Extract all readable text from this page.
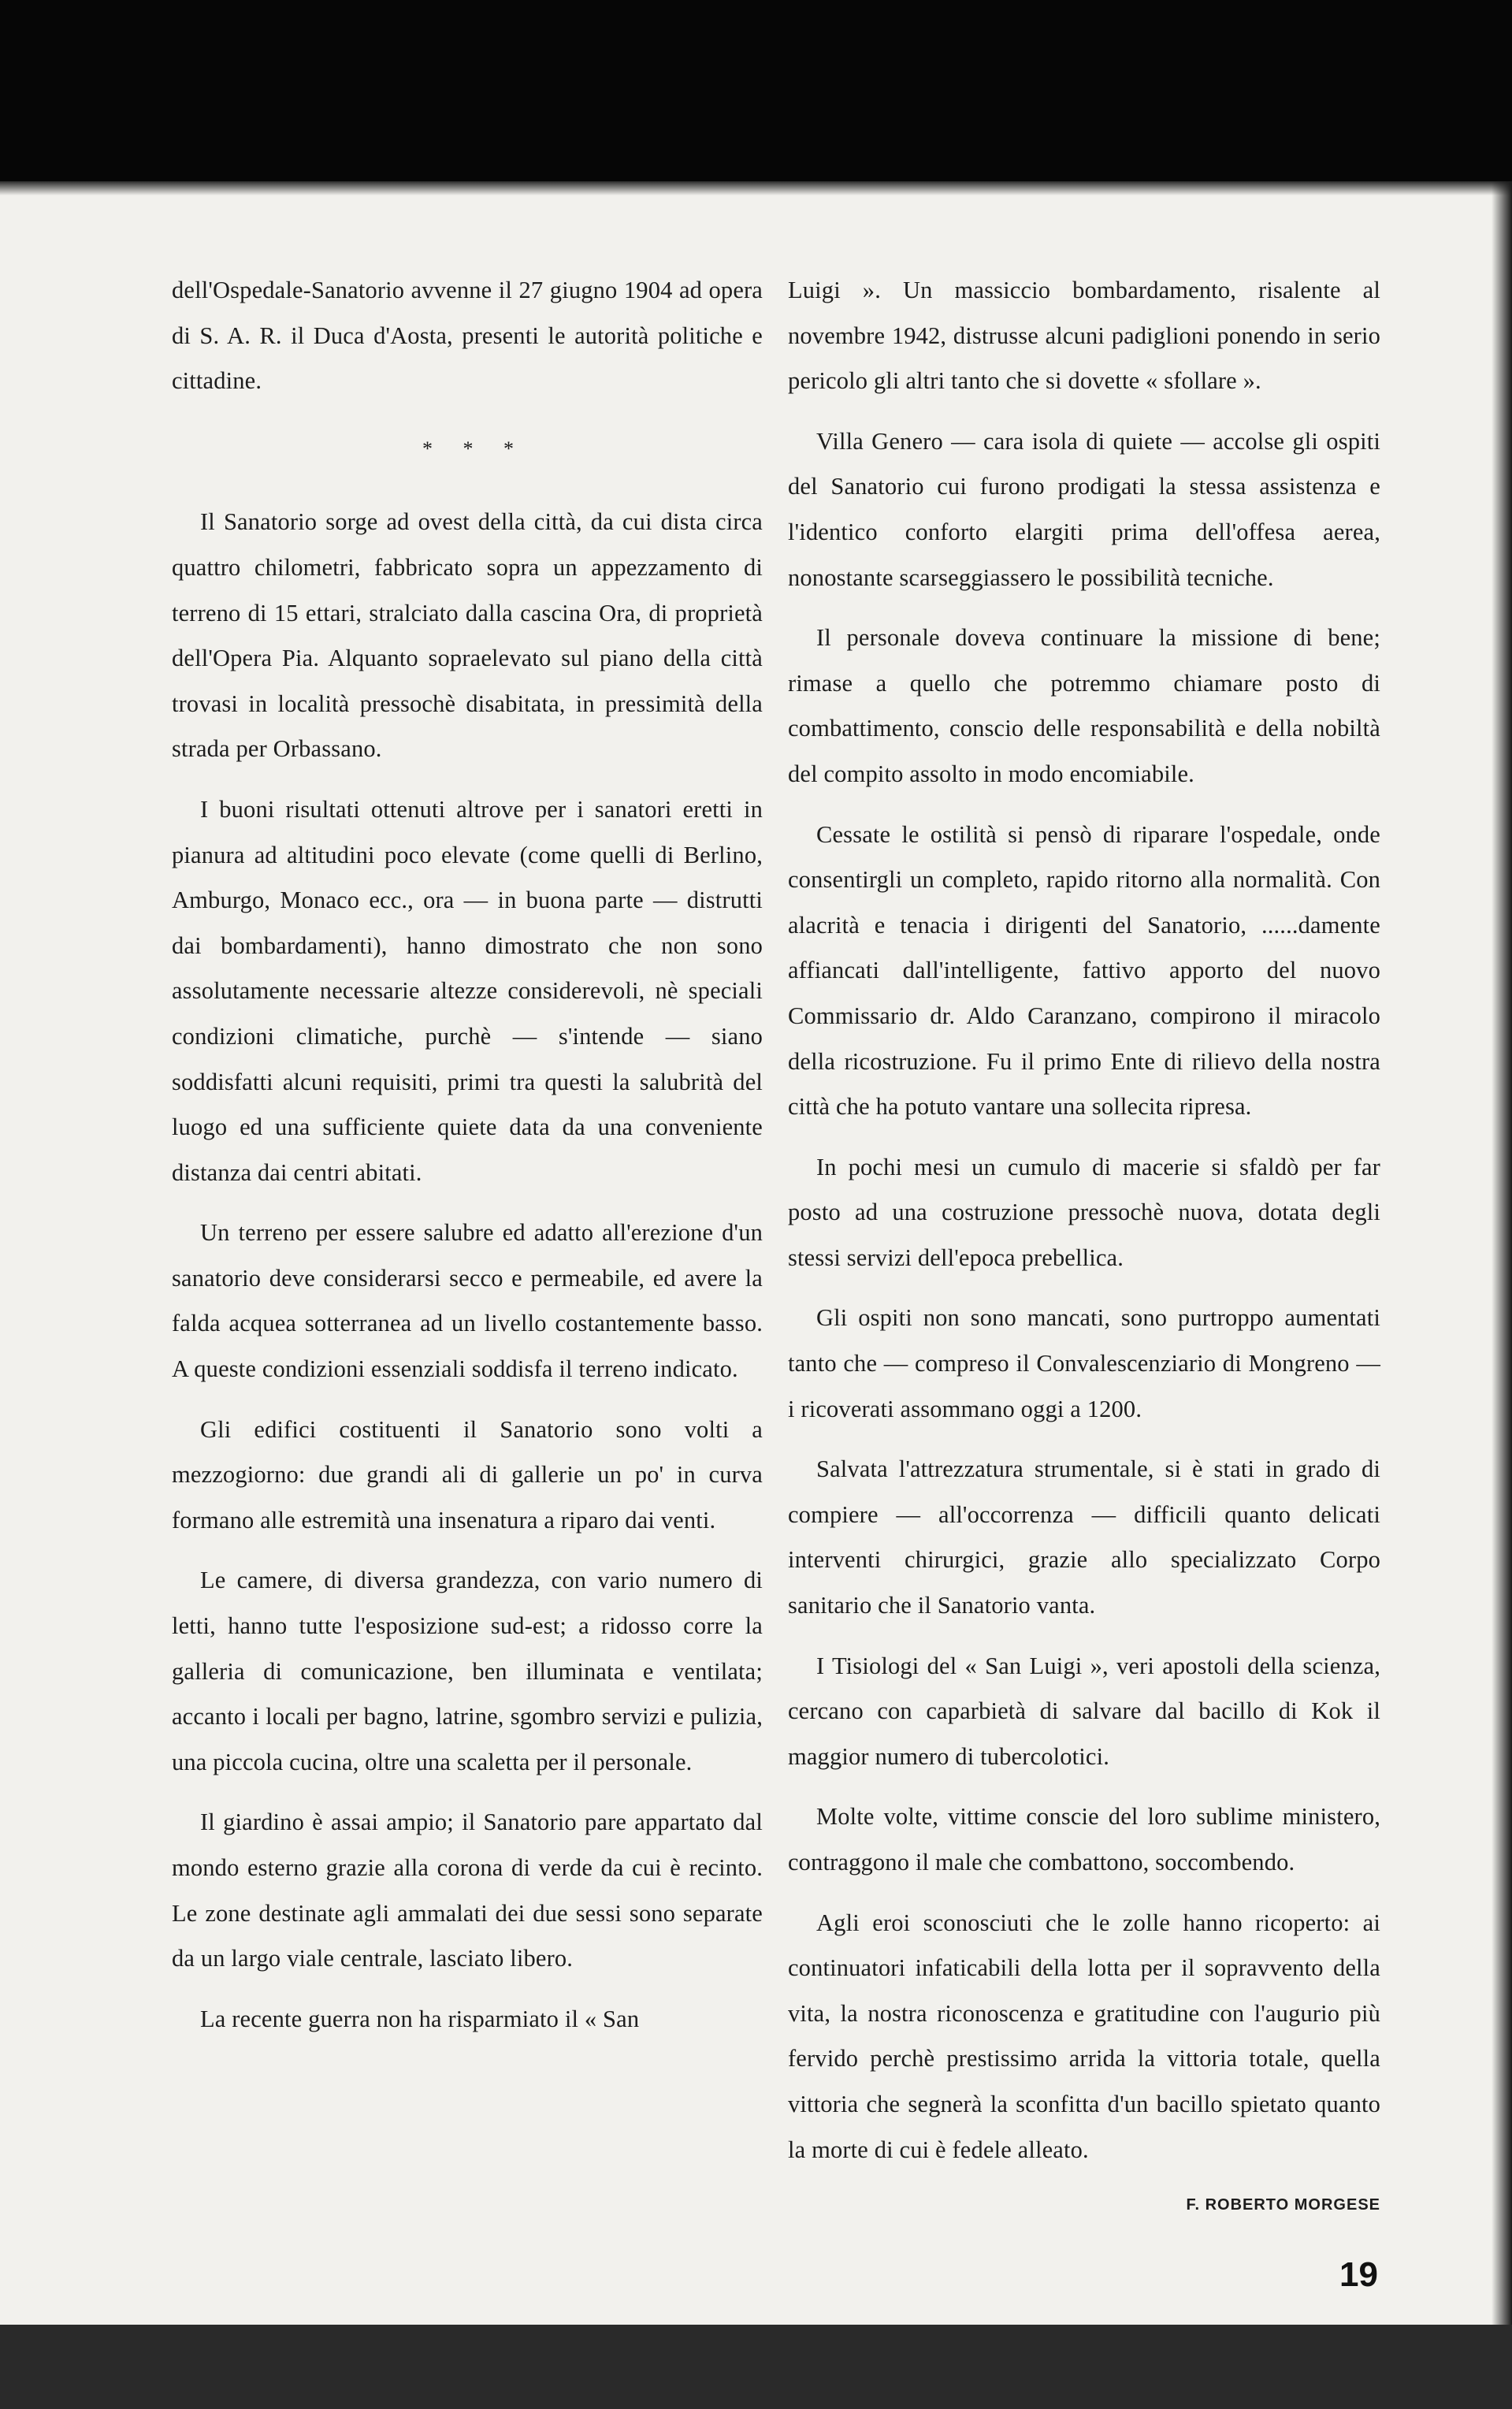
dell'Ospedale-Sanatorio avvenne il 27 giugno 1904 ad opera di S. A. R. il Duca d'Aosta, presenti le autorità politiche e cittadine.

* * *

Il Sanatorio sorge ad ovest della città, da cui dista circa quattro chilometri, fabbricato sopra un appezzamento di terreno di 15 ettari, stralciato dalla cascina Ora, di proprietà dell'Opera Pia. Alquanto sopraelevato sul piano della città trovasi in località pressochè disabitata, in pressimità della strada per Orbassano.

I buoni risultati ottenuti altrove per i sanatori eretti in pianura ad altitudini poco elevate (come quelli di Berlino, Amburgo, Monaco ecc., ora — in buona parte — distrutti dai bombardamenti), hanno dimostrato che non sono assolutamente necessarie altezze considerevoli, nè speciali condizioni climatiche, purchè — s'intende — siano soddisfatti alcuni requisiti, primi tra questi la salubrità del luogo ed una sufficiente quiete data da una conveniente distanza dai centri abitati.

Un terreno per essere salubre ed adatto all'erezione d'un sanatorio deve considerarsi secco e permeabile, ed avere la falda acquea sotterranea ad un livello costantemente basso. A queste condizioni essenziali soddisfa il terreno indicato.

Gli edifici costituenti il Sanatorio sono volti a mezzogiorno: due grandi ali di gallerie un po' in curva formano alle estremità una insenatura a riparo dai venti.

Le camere, di diversa grandezza, con vario numero di letti, hanno tutte l'esposizione sud-est; a ridosso corre la galleria di comunicazione, ben illuminata e ventilata; accanto i locali per bagno, latrine, sgombro servizi e pulizia, una piccola cucina, oltre una scaletta per il personale.

Il giardino è assai ampio; il Sanatorio pare appartato dal mondo esterno grazie alla corona di verde da cui è recinto. Le zone destinate agli ammalati dei due sessi sono separate da un largo viale centrale, lasciato libero.

La recente guerra non ha risparmiato il « San

Luigi ». Un massiccio bombardamento, risalente al novembre 1942, distrusse alcuni padiglioni ponendo in serio pericolo gli altri tanto che si dovette « sfollare ».

Villa Genero — cara isola di quiete — accolse gli ospiti del Sanatorio cui furono prodigati la stessa assistenza e l'identico conforto elargiti prima dell'offesa aerea, nonostante scarseggiassero le possibilità tecniche.

Il personale doveva continuare la missione di bene; rimase a quello che potremmo chiamare posto di combattimento, conscio delle responsabilità e della nobiltà del compito assolto in modo encomiabile.

Cessate le ostilità si pensò di riparare l'ospedale, onde consentirgli un completo, rapido ritorno alla normalità. Con alacrità e tenacia i dirigenti del Sanatorio, ......damente affiancati dall'intelligente, fattivo apporto del nuovo Commissario dr. Aldo Caranzano, compirono il miracolo della ricostruzione. Fu il primo Ente di rilievo della nostra città che ha potuto vantare una sollecita ripresa.

In pochi mesi un cumulo di macerie si sfaldò per far posto ad una costruzione pressochè nuova, dotata degli stessi servizi dell'epoca prebellica.

Gli ospiti non sono mancati, sono purtroppo aumentati tanto che — compreso il Convalescenziario di Mongreno — i ricoverati assommano oggi a 1200.

Salvata l'attrezzatura strumentale, si è stati in grado di compiere — all'occorrenza — difficili quanto delicati interventi chirurgici, grazie allo specializzato Corpo sanitario che il Sanatorio vanta.

I Tisiologi del « San Luigi », veri apostoli della scienza, cercano con caparbietà di salvare dal bacillo di Kok il maggior numero di tubercolotici.

Molte volte, vittime conscie del loro sublime ministero, contraggono il male che combattono, soccombendo.

Agli eroi sconosciuti che le zolle hanno ricoperto: ai continuatori infaticabili della lotta per il sopravvento della vita, la nostra riconoscenza e gratitudine con l'augurio più fervido perchè prestissimo arrida la vittoria totale, quella vittoria che segnerà la sconfitta d'un bacillo spietato quanto la morte di cui è fedele alleato.

F. ROBERTO MORGESE
19
